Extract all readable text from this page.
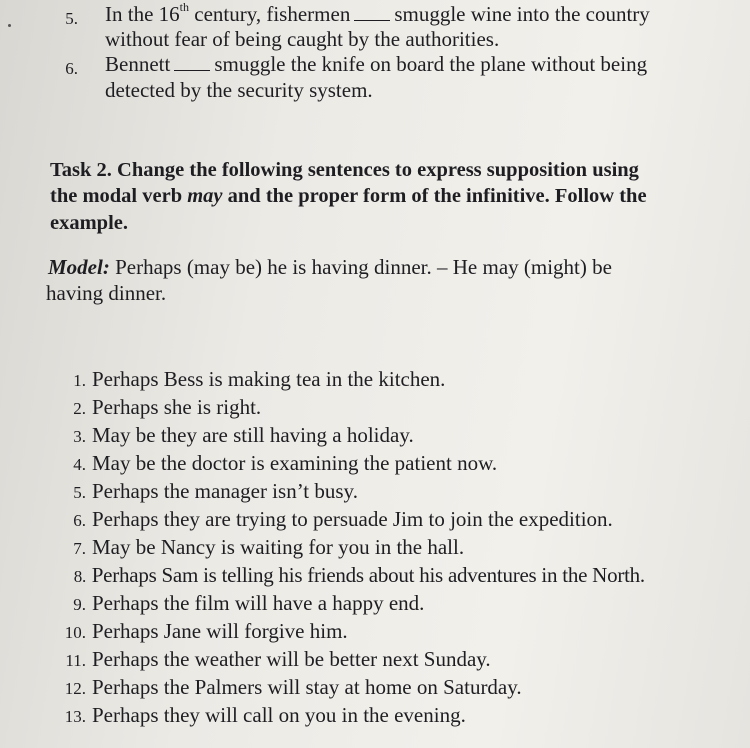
5. In the 16th century, fishermen smuggle wine into the country
without fear of being caught by the authorities.
6. Bennett smuggle the knife on board the plane without being
detected by the security system.
Task 2. Change the following sentences to express supposition using
the modal verb may and the proper form of the infinitive. Follow the
example.
Model: Perhaps (may be) he is having dinner. – He may (might) be
having dinner.
1. Perhaps Bess is making tea in the kitchen.
2. Perhaps she is right.
3. May be they are still having a holiday.
4. May be the doctor is examining the patient now.
5. Perhaps the manager isn’t busy.
6. Perhaps they are trying to persuade Jim to join the expedition.
7. May be Nancy is waiting for you in the hall.
8. Perhaps Sam is telling his friends about his adventures in the North.
9. Perhaps the film will have a happy end.
10. Perhaps Jane will forgive him.
11. Perhaps the weather will be better next Sunday.
12. Perhaps the Palmers will stay at home on Saturday.
13. Perhaps they will call on you in the evening.
